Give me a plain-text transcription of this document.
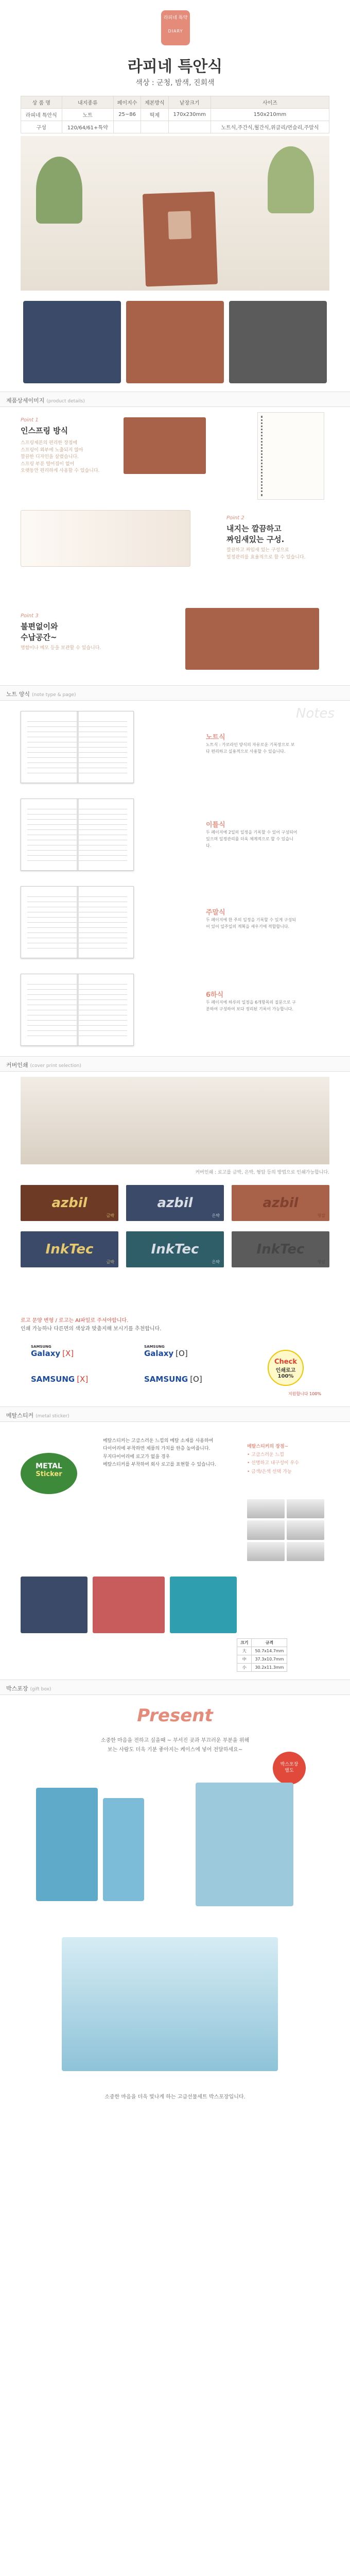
라피네 특약
DIARY
라피네 특안식
색상 : 군청, 밤색, 진회색
상 품 명	내지종류	페이지수	제본방식	낱장크기	사이즈
라피네 특안식	노트	25~86	떡제	170x230mm	150x210mm
구성	120/64/61+특약				노트식,주간식,월간식,위클리/먼슬리,주말식
제품상세이미지 (product details)
Point 1
인스프링 방식
스프링제본의 편리한 장점에
스프링이 외부에 노출되지 않아
깔끔한 디자인을 살렸습니다.
스프링 부분 떨어짐이 없어
오랫동안 편리하게 사용할 수 있습니다.
Point 2
내지는 깔끔하고
짜임새있는 구성.
깔끔하고 짜임새 있는 구성으로
일정관리를 효율적으로 할 수 있습니다.
Point 3
불편없이와
수납공간~
명함이나 메모 등을 보관할 수 있습니다.
노트 양식 (note type & page)
Notes
노트식
노트식 : 가로라인 양식의 자유로운 기록장으로 보다 편리하고 실용적으로 사용할 수 있습니다.
이틀식
두 페이지에 2일의 일정을 기록할 수 있어 구성되어 있으며 일정관리를 더욱 체계적으로 할 수 있습니다.
주말식
두 페이지에 한 주의 일정을 기록할 수 있게 구성되어 있어 일주일의 계획을 세우기에 적합합니다.
6하식
두 페이지에 하루의 일정을 6개항목의 질문으로 구분하여 구성하여 보다 정리된 기록이 가능합니다.
커버인쇄 (cover print selection)
커버인쇄 : 로고를 금박, 은박, 형압 등의 방법으로 인쇄가능합니다.
azbil
금박
azbil
은박
azbil
형압
InkTec
금박
InkTec
은박
InkTec
형압
로고 문양 변형 / 로고는 AI파일로 주셔야합니다.
인쇄 가능하나 다른면의 색상과 맞춤지해 보시기를 추천합니다.
SAMSUNG
Galaxy [X]
SAMSUNG
Galaxy [O]
SAMSUNG [X]	SAMSUNG [O]
Check
인쇄로고 100%
지원합니다 100%
메탈스티커 (metal sticker)
METAL
Sticker
메탈스티커는 고급스러운 느낌의 메탈 소재를 사용하여
다이어리에 부착하면 제품의 가치를 한층 높여줍니다.
무지다이어리에 로고가 없을 경우
메탈스티커를 부착하여 회사 로고를 표현할 수 있습니다.
메탈스티커의 장점~
• 고급스러운 느낌
• 선명하고 내구성이 우수
• 금색/은색 선택 가능
크기	규격
大	50.7x14.7mm
中	37.3x10.7mm
小	30.2x11.3mm
박스포장 (gift box)
Present
소중한 마음을 전하고 싶을때 ~ 부서진 곳과 부끄러운 부분을 위해
보는 사람도 더욱 기분 좋아지는 케이스에 넣어 전달하세요~
박스포장
별도
소중한 마음을 더욱 빛나게 하는 고급선물세트 박스포장입니다.
